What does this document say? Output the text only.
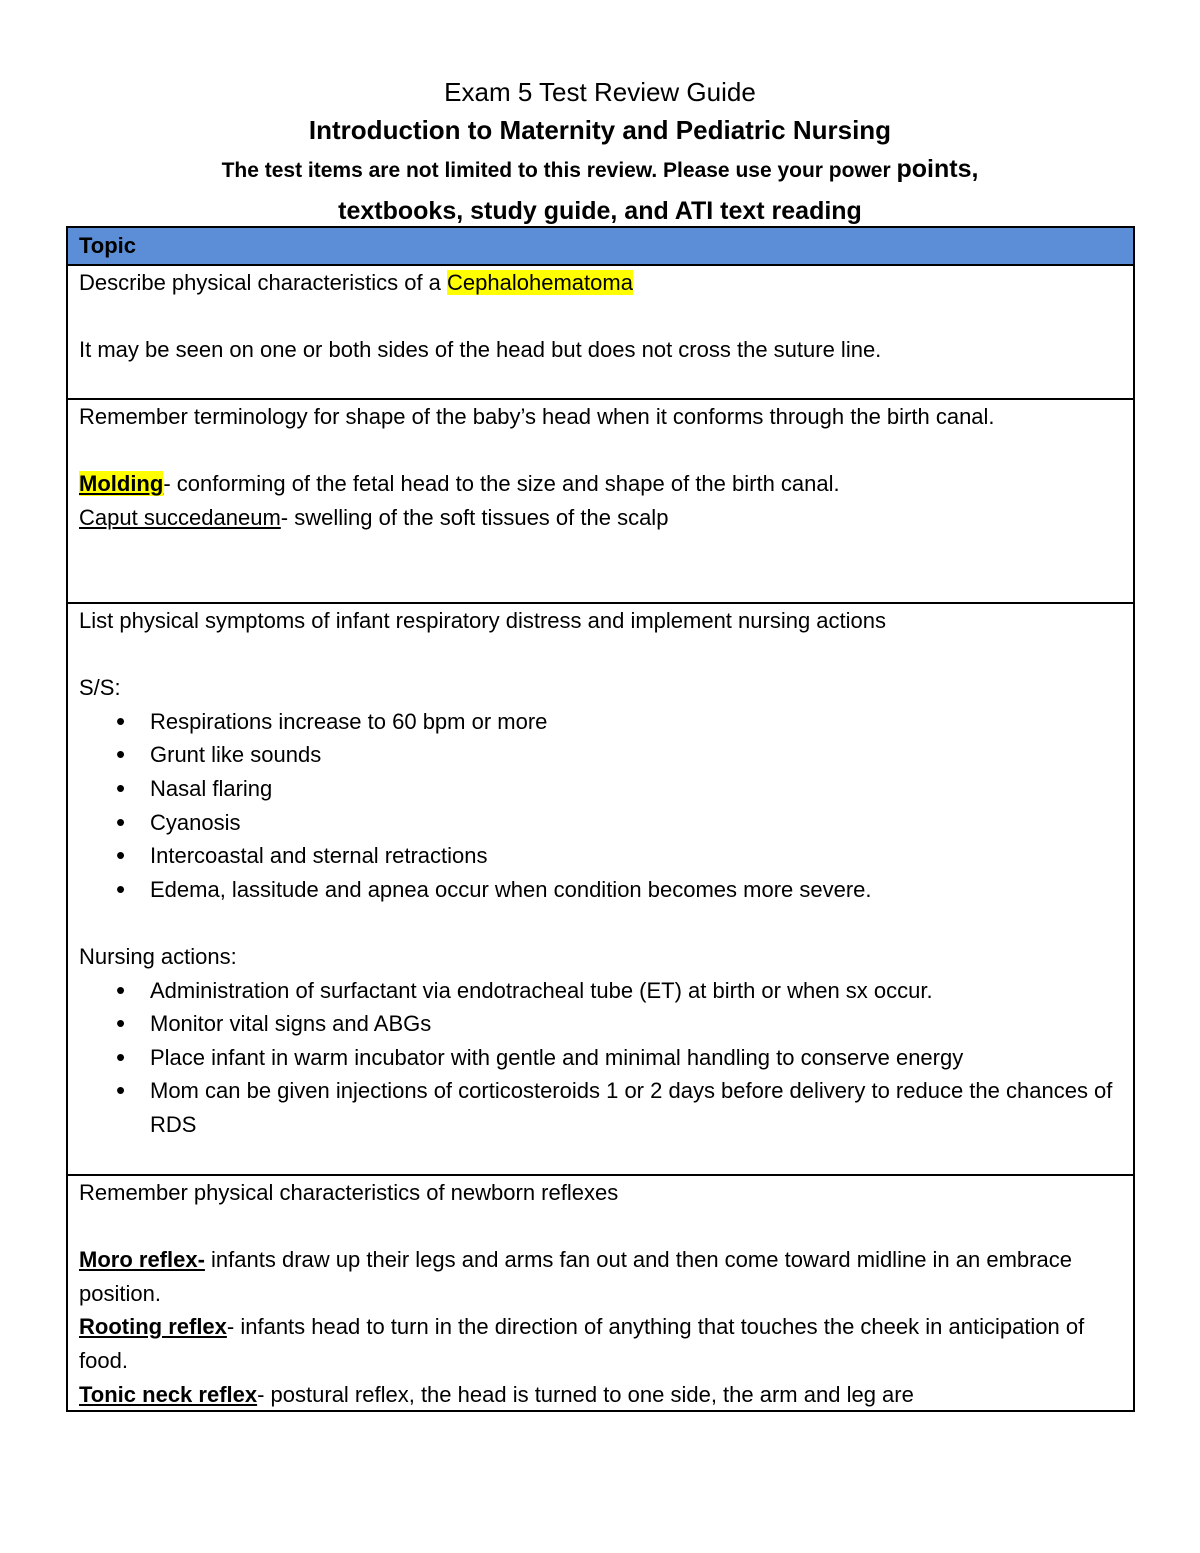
Exam 5 Test Review Guide

Introduction to Maternity and Pediatric Nursing

The test items are not limited to this review. Please use your power points,

textbooks, study guide, and ATI text reading

Topic

Describe physical characteristics of a Cephalohematoma
It may be seen on one or both sides of the head but does not cross the suture line.

Remember terminology for shape of the baby’s head when it conforms through the birth canal.
Molding- conforming of the fetal head to the size and shape of the birth canal.
Caput succedaneum- swelling of the soft tissues of the scalp

List physical symptoms of infant respiratory distress and implement nursing actions
S/S:
• Respirations increase to 60 bpm or more
• Grunt like sounds
• Nasal flaring
• Cyanosis
• Intercoastal and sternal retractions
• Edema, lassitude and apnea occur when condition becomes more severe.
Nursing actions:
• Administration of surfactant via endotracheal tube (ET) at birth or when sx occur.
• Monitor vital signs and ABGs
• Place infant in warm incubator with gentle and minimal handling to conserve energy
• Mom can be given injections of corticosteroids 1 or 2 days before delivery to reduce the chances of RDS

Remember physical characteristics of newborn reflexes
Moro reflex- infants draw up their legs and arms fan out and then come toward midline in an embrace position.
Rooting reflex- infants head to turn in the direction of anything that touches the cheek in anticipation of food.
Tonic neck reflex- postural reflex, the head is turned to one side, the arm and leg are
